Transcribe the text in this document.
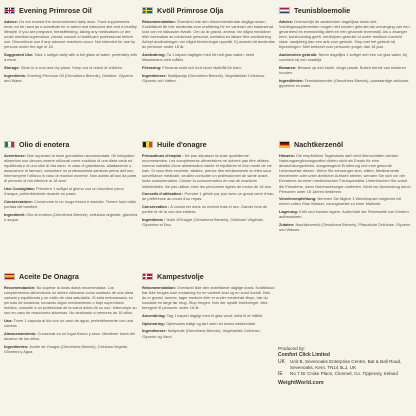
Evening Primrose Oil

Advice: Do not exceed the recommended daily dose. Food supplements must not be used as a substitute for a varied and balanced diet and a healthy lifestyle. If you are pregnant, breastfeeding, taking any medications or are under medical supervision, please consult a healthcare professional before use. Discontinue use if any adverse reactions occur. Not intended for use by persons under the age of 18.

Suggested Use: Take 1 softgel daily with a full glass of water, preferably with a meal.

Storage: Store in a cool and dry place. Keep out of reach of children.

Ingredients: Evening Primrose Oil (Oenothera Biennis), Gelatine, Glycerin and Water.

Kvöll Primrose Olja

Rekommendation: Överskrid inte den rekommenderade dagliga dosen. Kosttillskott får inte användas som ersättning för en varierad och balanserad kost och en hälsosam livsstil. Om du är gravid, ammar, tar några mediciner eller övervakas av medicinsk personal, kontakta en läkare före användning. Avbryt användningen om några biverkningar uppstår. Ej avsedd att användas av personer under 18 år.

Användning: Ta 1 kapsel dagligen med ett helt glas vatten, helst tillsammans med måltid.

Förvaring: Förvaras svalt och torrt utom räckhåll för barn.

Ingredienser: Nattljusolja (Oenothera Biennis), Vegetabiliskt Cellulosa, Glycerin och Vatten.

Teunisbloemolie

Advies: Overschrijd de aanbevolen dagelijkse dosis niet. Voedingssupplementen mogen niet worden gebruikt als vervanging van een gevarieerd en evenwichtig dieet en een gezonde levensstijl. Als u zwanger bent, borstvoeding geeft, medicijnen gebruikt of onder medisch toezicht staat, raadpleeg dan een arts voor gebruik. Stop met het gebruik bij bijwerkingen. Niet bedoeld voor personen jonger dan 18 jaar.

Aanbevolen gebruik: Neem dagelijks 1 softgel met een vol glas water, bij voorkeur bij een maaltijd.

Bewaren: Bewaar op een koele, droge plaats. Buiten bereik van kinderen houden.

Ingrediënten: Teunisbloemolie (Oenothera Biennis), plantaardige cellulose, glycerine en water.

Olio di enotera

Avvertenze: Non superare la dose giornaliera raccomandata. Gli integratori alimentari non devono essere utilizzati come sostituto di una dieta varia ed equilibrata e di uno stile di vita sano. In caso di gravidanza, allattamento o assunzione di farmaci, consultare un professionista sanitario prima dell'uso. Interrompere l'utilizzo in caso di reazioni avverse. Non adatto all'uso da parte di persone di età inferiore ai 18 anni.

Uso Consigliato: Prendere 1 softgel al giorno con un bicchiere pieno d'acqua, preferibilmente durante un pasto.

Conservazione: Conservare in un luogo fresco e asciutto. Tenere fuori dalla portata dei bambini.

Ingredienti: Olio di enotera (Oenothera Biennis), cellulosa vegetale, glicerina e acqua.

Huile d'onagre

Précautions d'emploi : Ne pas dépasser la dose quotidienne recommandée. Les compléments alimentaires ne doivent pas être utilisés comme substitut d'une alimentation variée et équilibrée et d'un mode de vie sain. Si vous êtes enceinte, allaitez, prenez des médicaments ou êtes sous surveillance médicale, veuillez consulter un professionnel de santé avant toute consommation. Cesser la consommation en cas de réactions indésirables. Ne pas utiliser chez les personnes âgées de moins de 18 ans.

Conseils d'utilisation : Prendre 1 gélule par jour avec un grand verre d'eau, de préférence au cours d'un repas.

Conservation : À conserver dans un endroit frais et sec. Garder hors de portée et de la vue des enfants.

Ingrédients : Huile d'Onagre (Oenothera Biennis), Cellulose Végétale, Glycérine et Eau.

Nachtkerzenöl

Hinweis: Die empfohlene Tagesdosis darf nicht überschritten werden. Nahrungsergänzungsmittel dürfen nicht als Ersatz für eine abwechslungsreiche, ausgewogene Ernährung und eine gesunde Lebensweise dienen. Wenn Sie schwanger sind, stillen, Medikamente einnehmen oder unter ärztlicher Aufsicht stehen, wenden Sie sich vor der Einnahme an einen medizinischen Fachspezialist. Unterbrechen Sie sofort die Einnahme, wenn Nebenwirkungen auftreten. Nicht zur Anwendung durch Personen unter 18 Jahren bestimmt.

Verzehrempfehlung: Nehmen Sie täglich 1 Weichkapsel möglichst mit einem vollen Glas Wasser, vorzugsweise zu einer Mahlzeit.

Lagerung: Kühl und trocken lagern. Außerhalb der Reichweite von Kindern aufbewahren.

Zutaten: Nachtkerzenöl (Oenothera Biennis), Pflanzliche Zellulose, Glycerin und Wasser.

Aceite De Onagra

Recomendación: No superar la dosis diaria recomendada. Los complementos alimenticios no deben utilizarse como sustituto de una dieta variada y equilibrada y un estilo de vida saludable. Si está embarazada, en período de lactancia, tomando algún medicamento o bajo supervisión médica, consulte a un profesional de la salud antes de su uso. Interrumpir su uso en caso de reacciones adversas. No destinado a menores de 18 años.

Uso: Tome 1 cápsula al día con un vaso de agua, preferiblemente con una comida.

Almacenamiento: Conservar en un lugar fresco y seco. Mantener fuera del alcance de los niños.

Ingredientes: Aceite de Onagra (Oenothera Biennis), Celulosa Vegetal, Glicerina y Agua.

Kampestvolje

Rekommendation: Overskrid ikke den anbefalede daglige dosis. Kosttilskud bør ikke bruges som erstatning for en varieret kost og en sund livsstil. Hvis du er gravid, ammer, tager medicin eller er under medicinsk tilsyn, bør du kontakte en læge før brug. Stop brugen, hvis der opstår bivirkninger. Ikke beregnet til personer under 18 år.

Anvendning: Tag 1 kapsel dagligt med et glas vand, helst til et måltid.

Opbevaring: Opbevares køligt og tørt uden for børns rækkevidde.

Ingredienser: Natlysolie (Oenothera Biennis), Vegetabilsk Cellulose, Glycerin og Vand.

Produced by:
Comfort Click Limited
UK Unit B, Sevenoaks Enterprise Centre, Bat & Ball Road, Sevenoaks, Kent, TN14 5LJ, UK
IE	No 7 Dr Croke Place, Clonmel, Co. Tipperary, Ireland
WeightWorld.com
